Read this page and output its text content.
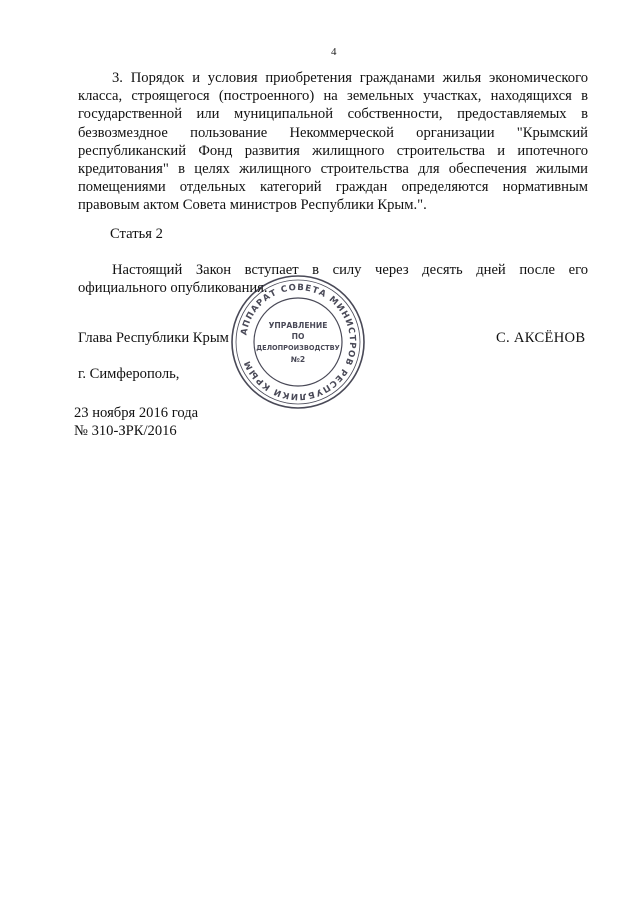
4
3. Порядок и условия приобретения гражданами жилья экономического класса, строящегося (построенного) на земельных участках, находящихся в государственной или муниципальной собственности, предоставляемых в безвозмездное пользование Некоммерческой организации "Крымский республиканский Фонд развития жилищного строительства и ипотечного кредитования" в целях жилищного строительства для обеспечения жилыми помещениями отдельных категорий граждан определяются нормативным правовым актом Совета министров Республики Крым.".
Статья 2
Настоящий Закон вступает в силу через десять дней после его официального опубликования.
Глава Республики Крым	С. АКСЁНОВ
г. Симферополь,
23 ноября 2016 года
№ 310-ЗРК/2016
АППАРАТ СОВЕТА МИНИСТРОВ РЕСПУБЛИКИ КРЫМ
УПРАВЛЕНИЕ
ПО
ДЕЛОПРОИЗВОДСТВУ
№2
